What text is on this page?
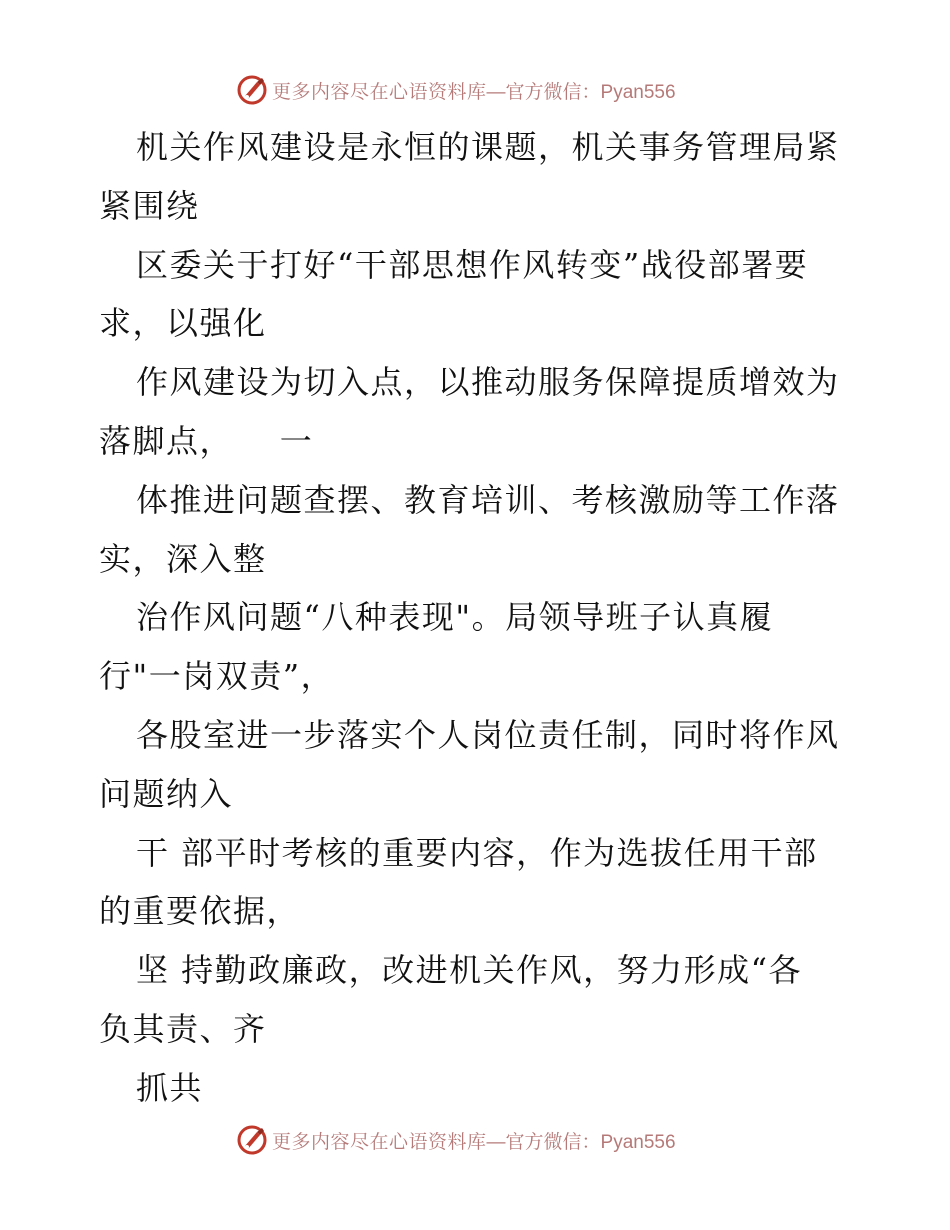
更多内容尽在心语资料库 —官方微信：Pyan556
机关作风建设是永恒的课题，机关事务管理局紧
紧围绕
区委关于打好“干部思想作风转变”战役部署要
求，以强化
作风建设为切入点，以推动服务保障提质增效为
落脚点，    一
体推进问题查摆、教育培训、考核激励等工作落
实，深入整
治作风问题“八种表现"。局领导班子认真履
行"一岗双责”，
各股室进一步落实个人岗位责任制，同时将作风
问题纳入
干 部平时考核的重要内容，作为选拔任用干部
的重要依据，
坚 持勤政廉政，改进机关作风，努力形成“各
负其责、齐
抓共
更多内容尽在心语资料库 —官方微信：Pyan556
